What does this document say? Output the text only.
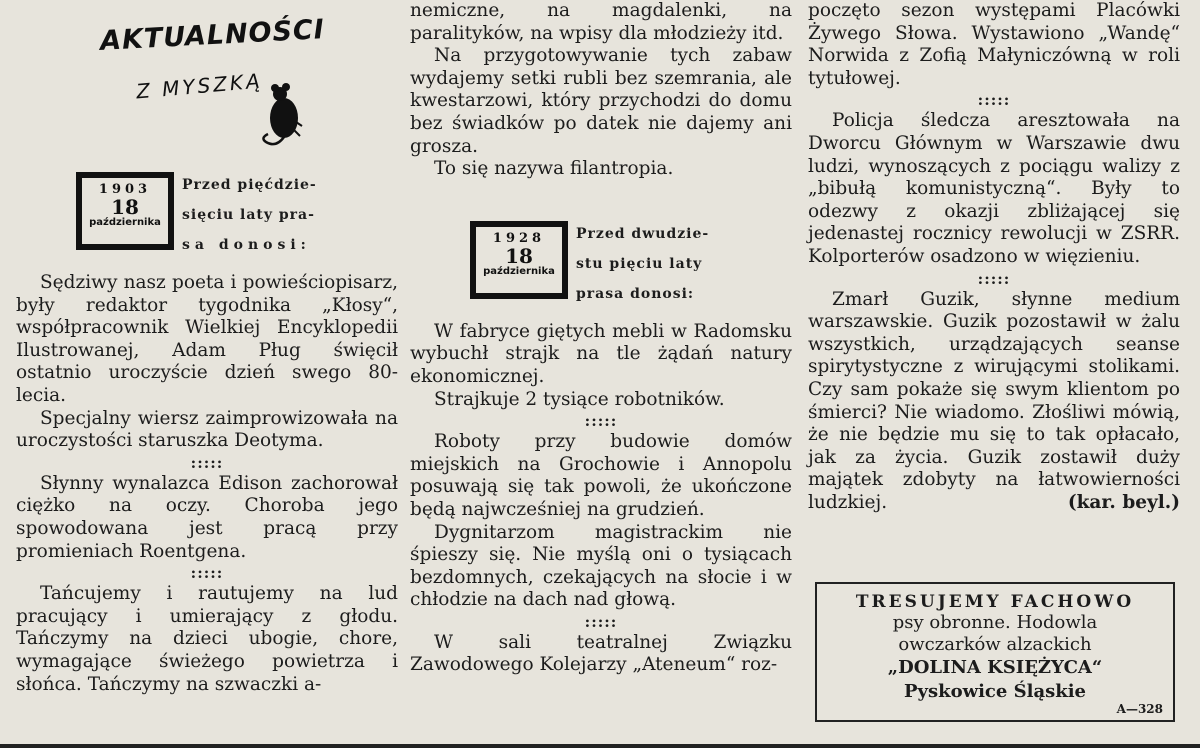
AKTUALNOŚCI
Z MYSZKĄ
1903
18
października
Przed pięćdzie-
sięciu laty pra-
sa donosi:

Sędziwy nasz poeta i powieściopisarz, były redaktor tygodnika „Kłosy“, współpracownik Wielkiej Encyklopedii Ilustrowanej, Adam Pług święcił ostatnio uroczyście dzień swego 80-lecia.

Specjalny wiersz zaimprowizowała na uroczystości staruszka Deotyma.

:::::

Słynny wynalazca Edison zachorował ciężko na oczy. Choroba jego spowodowana jest pracą przy promieniach Roentgena.

:::::

Tańcujemy i rautujemy na lud pracujący i umierający z głodu. Tańczymy na dzieci ubogie, chore, wymagające świeżego powietrza i słońca. Tańczymy na szwaczki a-

nemiczne, na magdalenki, na paralityków, na wpisy dla młodzieży itd.

Na przygotowywanie tych zabaw wydajemy setki rubli bez szemrania, ale kwestarzowi, który przychodzi do domu bez świadków po datek nie dajemy ani grosza.

To się nazywa filantropia.

1928
18
października
Przed dwudzie-
stu pięciu laty
prasa donosi:

W fabryce giętych mebli w Radomsku wybuchł strajk na tle żądań natury ekonomicznej.

Strajkuje 2 tysiące robotników.

:::::

Roboty przy budowie domów miejskich na Grochowie i Annopolu posuwają się tak powoli, że ukończone będą najwcześniej na grudzień.

Dygnitarzom magistrackim nie śpieszy się. Nie myślą oni o tysiącach bezdomnych, czekających na słocie i w chłodzie na dach nad głową.

:::::

W sali teatralnej Związku Zawodowego Kolejarzy „Ateneum“ roz-

poczęto sezon występami Placówki Żywego Słowa. Wystawiono „Wandę“ Norwida z Zofią Małyniczówną w roli tytułowej.

:::::

Policja śledcza aresztowała na Dworcu Głównym w Warszawie dwu ludzi, wynoszących z pociągu walizy z „bibułą komunistyczną“. Były to odezwy z okazji zbliżającej się jedenastej rocznicy rewolucji w ZSRR. Kolporterów osadzono w więzieniu.

:::::

Zmarł Guzik, słynne medium warszawskie. Guzik pozostawił w żalu wszystkich, urządzających seanse spirytystyczne z wirującymi stolikami. Czy sam pokaże się swym klientom po śmierci? Nie wiadomo. Złośliwi mówią, że nie będzie mu się to tak opłacało, jak za życia. Guzik zostawił duży majątek zdobyty na łatwowierności ludzkiej.	(kar. beyl.)

TRESUJEMY FACHOWO
psy obronne. Hodowla
owczarków alzackich
„DOLINA KSIĘŻYCA“
Pyskowice Śląskie
A—328
